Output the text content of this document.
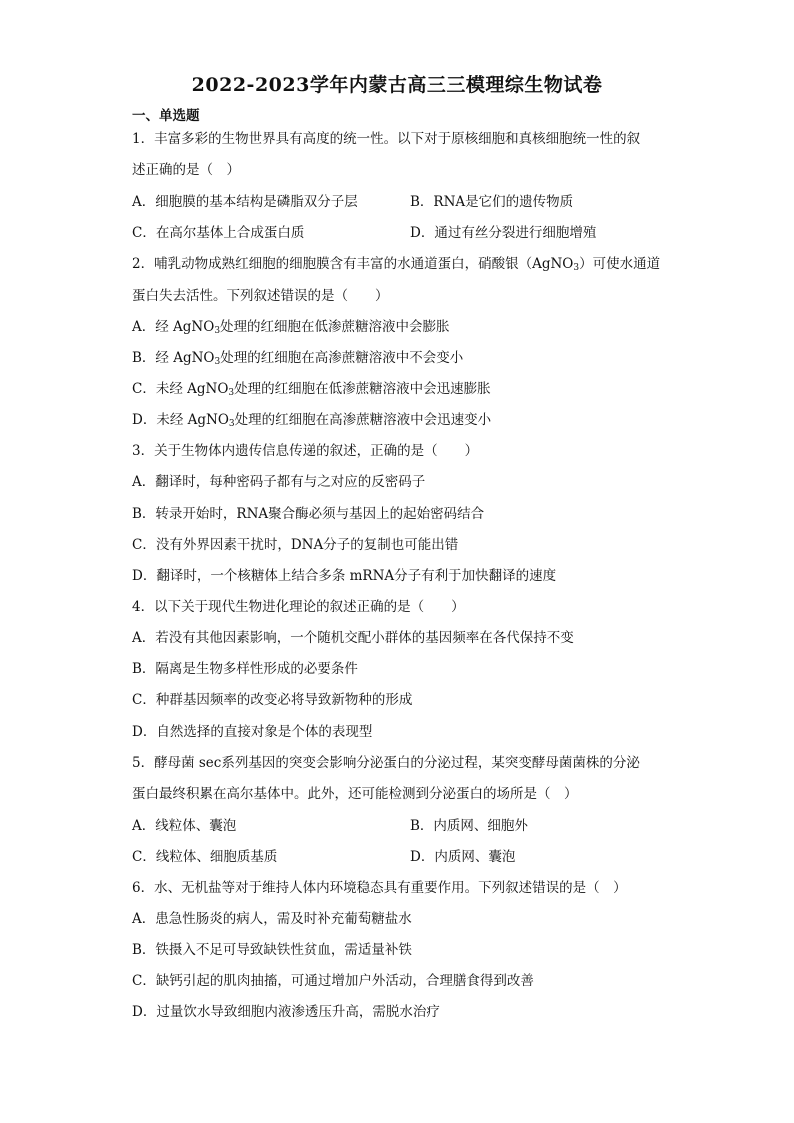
2022-2023学年内蒙古高三三模理综生物试卷
一、单选题
1．丰富多彩的生物世界具有高度的统一性。以下对于原核细胞和真核细胞统一性的叙
述正确的是（　）
A．细胞膜的基本结构是磷脂双分子层	B．RNA是它们的遗传物质
C．在高尔基体上合成蛋白质	D．通过有丝分裂进行细胞增殖
2．哺乳动物成熟红细胞的细胞膜含有丰富的水通道蛋白，硝酸银（AgNO$_3$）可使水通道
蛋白失去活性。下列叙述错误的是（　　）
A．经 AgNO$_3$处理的红细胞在低渗蔗糖溶液中会膨胀
B．经 AgNO$_3$处理的红细胞在高渗蔗糖溶液中不会变小
C．未经 AgNO$_3$处理的红细胞在低渗蔗糖溶液中会迅速膨胀
D．未经 AgNO$_3$处理的红细胞在高渗蔗糖溶液中会迅速变小
3．关于生物体内遗传信息传递的叙述，正确的是（　　）
A．翻译时，每种密码子都有与之对应的反密码子
B．转录开始时，RNA聚合酶必须与基因上的起始密码结合
C．没有外界因素干扰时，DNA分子的复制也可能出错
D．翻译时，一个核糖体上结合多条 mRNA分子有利于加快翻译的速度
4．以下关于现代生物进化理论的叙述正确的是（　　）
A．若没有其他因素影响，一个随机交配小群体的基因频率在各代保持不变
B．隔离是生物多样性形成的必要条件
C．种群基因频率的改变必将导致新物种的形成
D．自然选择的直接对象是个体的表现型
5．酵母菌 sec系列基因的突变会影响分泌蛋白的分泌过程，某突变酵母菌菌株的分泌
蛋白最终积累在高尔基体中。此外，还可能检测到分泌蛋白的场所是（　）
A．线粒体、囊泡	B．内质网、细胞外
C．线粒体、细胞质基质	D．内质网、囊泡
6．水、无机盐等对于维持人体内环境稳态具有重要作用。下列叙述错误的是（　）
A．患急性肠炎的病人，需及时补充葡萄糖盐水
B．铁摄入不足可导致缺铁性贫血，需适量补铁
C．缺钙引起的肌肉抽搐，可通过增加户外活动，合理膳食得到改善
D．过量饮水导致细胞内液渗透压升高，需脱水治疗
